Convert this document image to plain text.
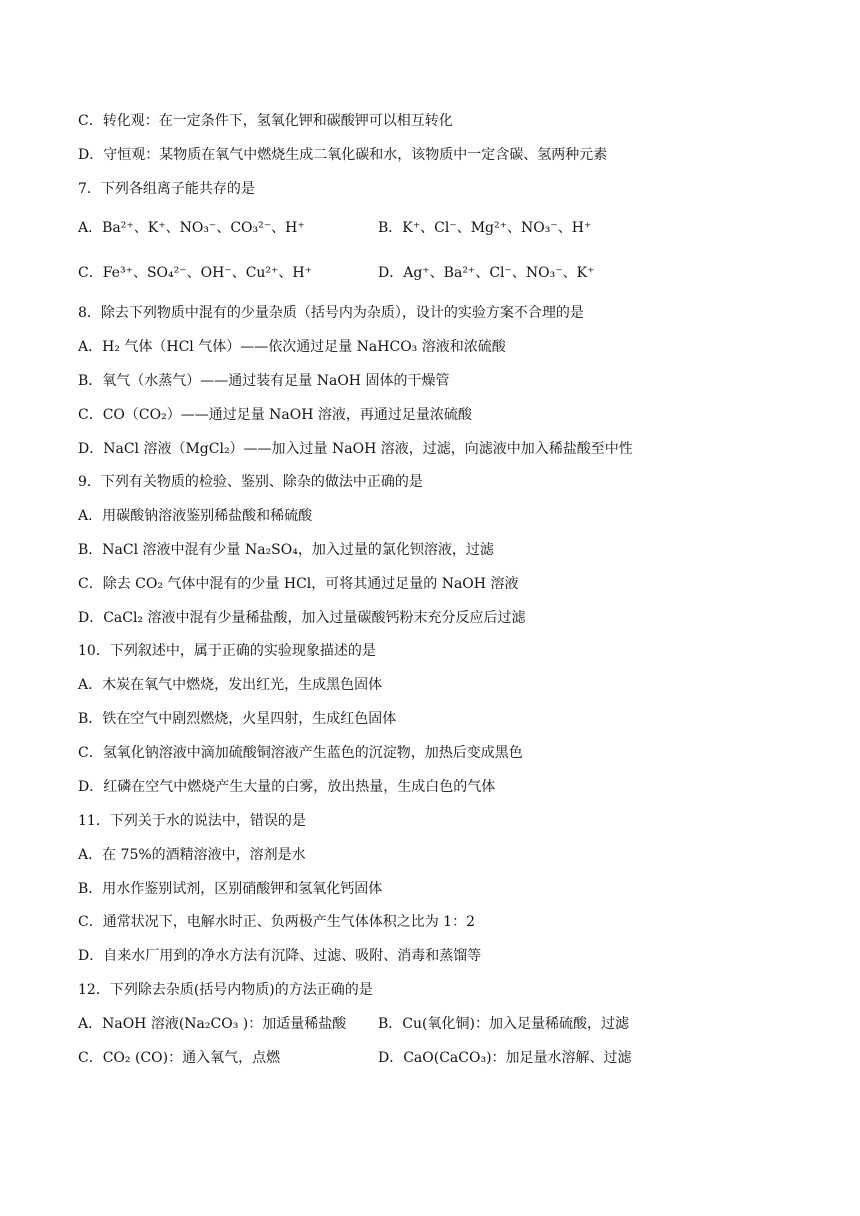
C．转化观：在一定条件下，氢氧化钾和碳酸钾可以相互转化
D．守恒观：某物质在氧气中燃烧生成二氧化碳和水，该物质中一定含碳、氢两种元素
7．下列各组离子能共存的是
A．Ba²⁺、K⁺、NO₃⁻、CO₃²⁻、H⁺	B．K⁺、Cl⁻、Mg²⁺、NO₃⁻、H⁺
C．Fe³⁺、SO₄²⁻、OH⁻、Cu²⁺、H⁺	D．Ag⁺、Ba²⁺、Cl⁻、NO₃⁻、K⁺
8．除去下列物质中混有的少量杂质（括号内为杂质），设计的实验方案不合理的是
A．H₂ 气体（HCl 气体）——依次通过足量 NaHCO₃ 溶液和浓硫酸
B．氧气（水蒸气）——通过装有足量 NaOH 固体的干燥管
C．CO（CO₂）——通过足量 NaOH 溶液，再通过足量浓硫酸
D．NaCl 溶液（MgCl₂）——加入过量 NaOH 溶液，过滤，向滤液中加入稀盐酸至中性
9．下列有关物质的检验、鉴别、除杂的做法中正确的是
A．用碳酸钠溶液鉴别稀盐酸和稀硫酸
B．NaCl 溶液中混有少量 Na₂SO₄，加入过量的氯化钡溶液，过滤
C．除去 CO₂ 气体中混有的少量 HCl，可将其通过足量的 NaOH 溶液
D．CaCl₂ 溶液中混有少量稀盐酸，加入过量碳酸钙粉末充分反应后过滤
10．下列叙述中，属于正确的实验现象描述的是
A．木炭在氧气中燃烧，发出红光，生成黑色固体
B．铁在空气中剧烈燃烧，火星四射，生成红色固体
C．氢氧化钠溶液中滴加硫酸铜溶液产生蓝色的沉淀物，加热后变成黑色
D．红磷在空气中燃烧产生大量的白雾，放出热量，生成白色的气体
11．下列关于水的说法中，错误的是
A．在 75%的酒精溶液中，溶剂是水
B．用水作鉴别试剂，区别硝酸钾和氢氧化钙固体
C．通常状况下，电解水时正、负两极产生气体体积之比为 1：2
D．自来水厂用到的净水方法有沉降、过滤、吸附、消毒和蒸馏等
12．下列除去杂质(括号内物质)的方法正确的是
A．NaOH 溶液(Na₂CO₃ )：加适量稀盐酸 B．Cu(氧化铜)：加入足量稀硫酸，过滤
C．CO₂ (CO)：通入氧气，点燃	D．CaO(CaCO₃)：加足量水溶解、过滤
